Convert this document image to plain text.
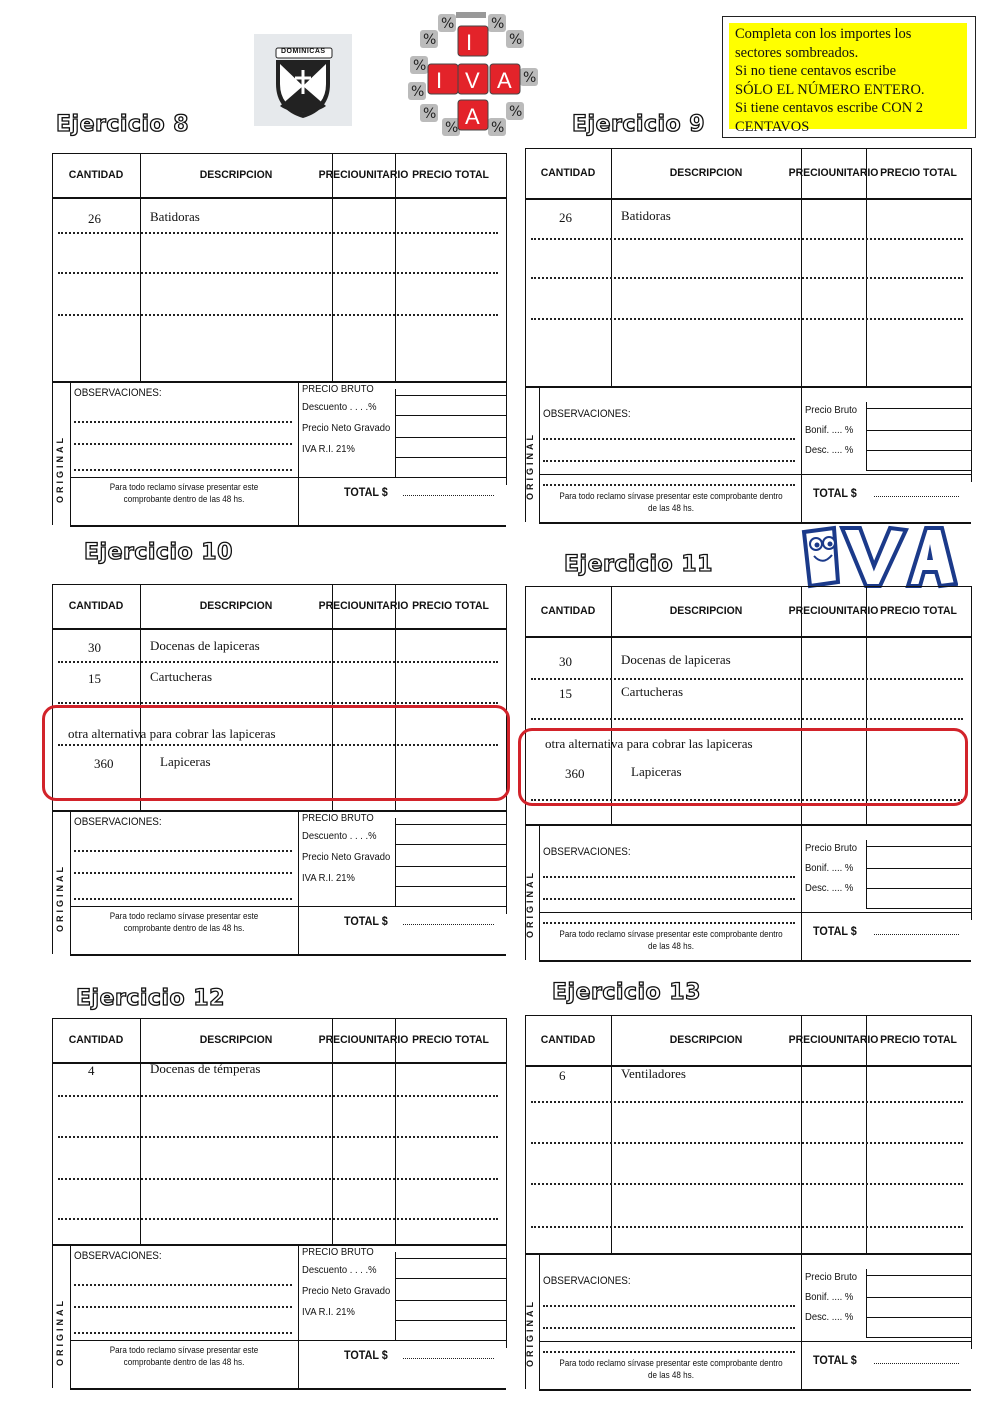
DOMINICAS
%	%
%	%
%
%
%
%	%
% %
I
I V A
A
Completa con los importes los
sectores sombreados.
Si no tiene centavos escribe
SÓLO EL NÚMERO ENTERO.
Si tiene centavos escribe CON 2
CENTAVOS
Ejercicio 8
CANTIDAD	DESCRIPCION	PRECIO UNITARIO PRECIO TOTAL
26	Batidoras
ORIGINAL
OBSERVACIONES:	PRECIO BRUTO
Descuento . . . .%
Precio Neto Gravado
IVA R.I. 21%
TOTAL $
Para todo reclamo sírvase presentar este
comprobante dentro de las 48 hs.
Ejercicio 9
CANTIDAD	DESCRIPCION	PRECIO UNITARIO PRECIO TOTAL
26	Batidoras
ORIGINAL
OBSERVACIONES:	Precio Bruto
Bonif. .... %
Desc. .... %
TOTAL $
Para todo reclamo sírvase presentar este comprobante dentro
de las 48 hs.
Ejercicio 10
CANTIDAD	DESCRIPCION	PRECIO UNITARIO PRECIO TOTAL
30	Docenas de lapiceras
15	Cartucheras
360	Lapiceras
otra alternativa para cobrar las lapiceras
ORIGINAL
OBSERVACIONES:	PRECIO BRUTO
Descuento . . . .%
Precio Neto Gravado
IVA R.I. 21%
TOTAL $
Para todo reclamo sírvase presentar este
comprobante dentro de las 48 hs.
Ejercicio 11
CANTIDAD	DESCRIPCION	PRECIO UNITARIO PRECIO TOTAL
30	Docenas de lapiceras
15	Cartucheras
360	Lapiceras
otra alternativa para cobrar las lapiceras
ORIGINAL
OBSERVACIONES:	Precio Bruto
Bonif. .... %
Desc. .... %
TOTAL $
Para todo reclamo sírvase presentar este comprobante dentro
de las 48 hs.
Ejercicio 12
CANTIDAD	DESCRIPCION	PRECIO UNITARIO PRECIO TOTAL
4	Docenas de témperas
ORIGINAL
OBSERVACIONES:	PRECIO BRUTO
Descuento . . . .%
Precio Neto Gravado
IVA R.I. 21%
TOTAL $
Para todo reclamo sírvase presentar este
comprobante dentro de las 48 hs.
Ejercicio 13
CANTIDAD	DESCRIPCION	PRECIO UNITARIO PRECIO TOTAL
6	Ventiladores
ORIGINAL
OBSERVACIONES:	Precio Bruto
Bonif. .... %
Desc. .... %
TOTAL $
Para todo reclamo sírvase presentar este comprobante dentro
de las 48 hs.
